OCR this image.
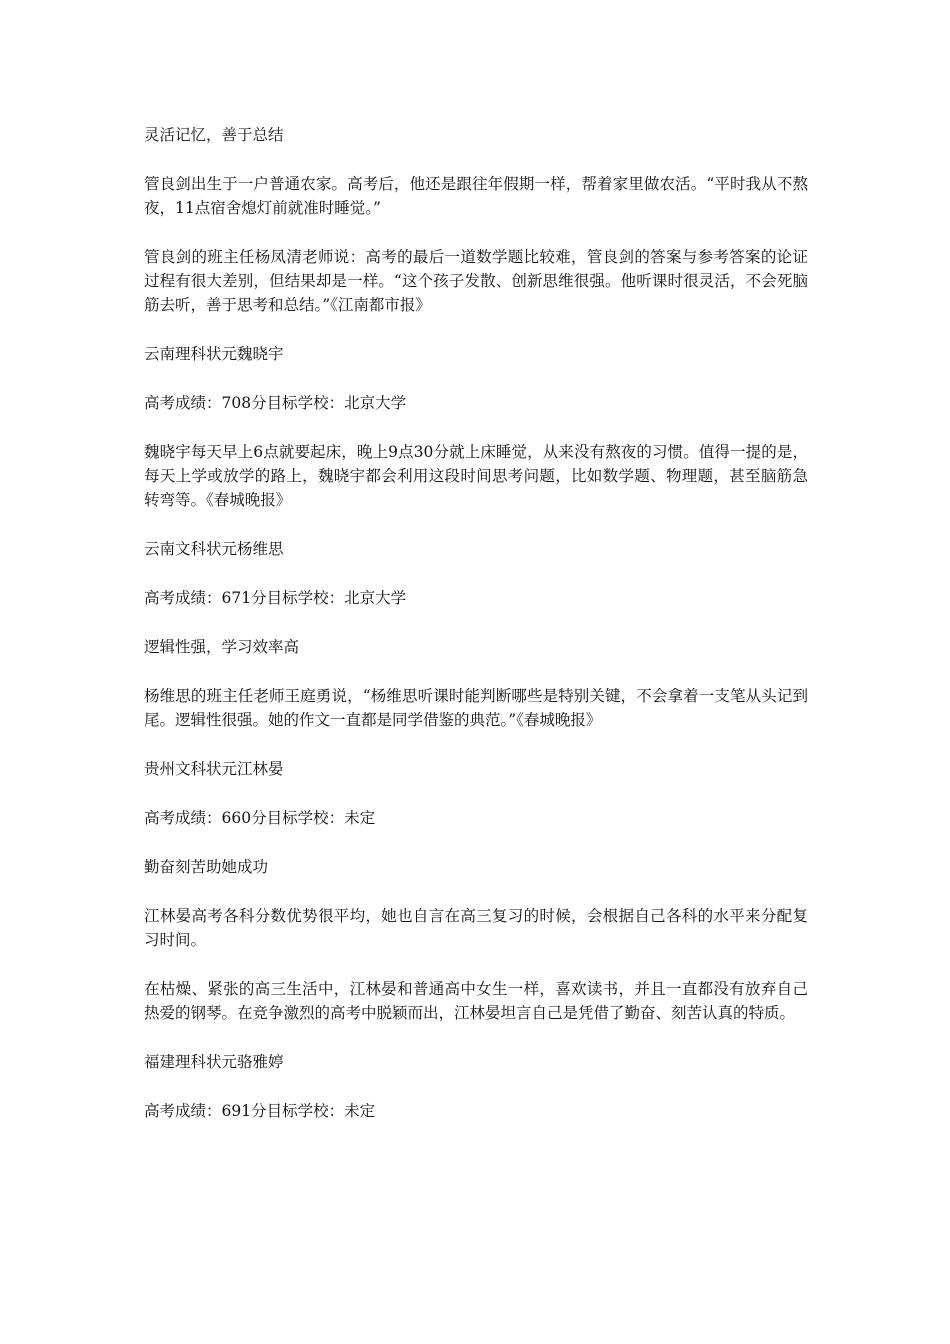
灵活记忆，善于总结

管良剑出生于一户普通农家。高考后，他还是跟往年假期一样，帮着家里做农活。“平时我从不熬夜，11点宿舍熄灯前就准时睡觉。”

管良剑的班主任杨凤清老师说：高考的最后一道数学题比较难，管良剑的答案与参考答案的论证过程有很大差别，但结果却是一样。“这个孩子发散、创新思维很强。他听课时很灵活，不会死脑筋去听，善于思考和总结。”《江南都市报》

云南理科状元魏晓宇

高考成绩：708分目标学校：北京大学

魏晓宇每天早上6点就要起床，晚上9点30分就上床睡觉，从来没有熬夜的习惯。值得一提的是，每天上学或放学的路上，魏晓宇都会利用这段时间思考问题，比如数学题、物理题，甚至脑筋急转弯等。《春城晚报》

云南文科状元杨维思

高考成绩：671分目标学校：北京大学

逻辑性强，学习效率高

杨维思的班主任老师王庭勇说，“杨维思听课时能判断哪些是特别关键，不会拿着一支笔从头记到尾。逻辑性很强。她的作文一直都是同学借鉴的典范。”《春城晚报》

贵州文科状元江林晏

高考成绩：660分目标学校：未定

勤奋刻苦助她成功

江林晏高考各科分数优势很平均，她也自言在高三复习的时候，会根据自己各科的水平来分配复习时间。

在枯燥、紧张的高三生活中，江林晏和普通高中女生一样，喜欢读书，并且一直都没有放弃自己热爱的钢琴。在竞争激烈的高考中脱颖而出，江林晏坦言自己是凭借了勤奋、刻苦认真的特质。

福建理科状元骆雅婷

高考成绩：691分目标学校：未定
